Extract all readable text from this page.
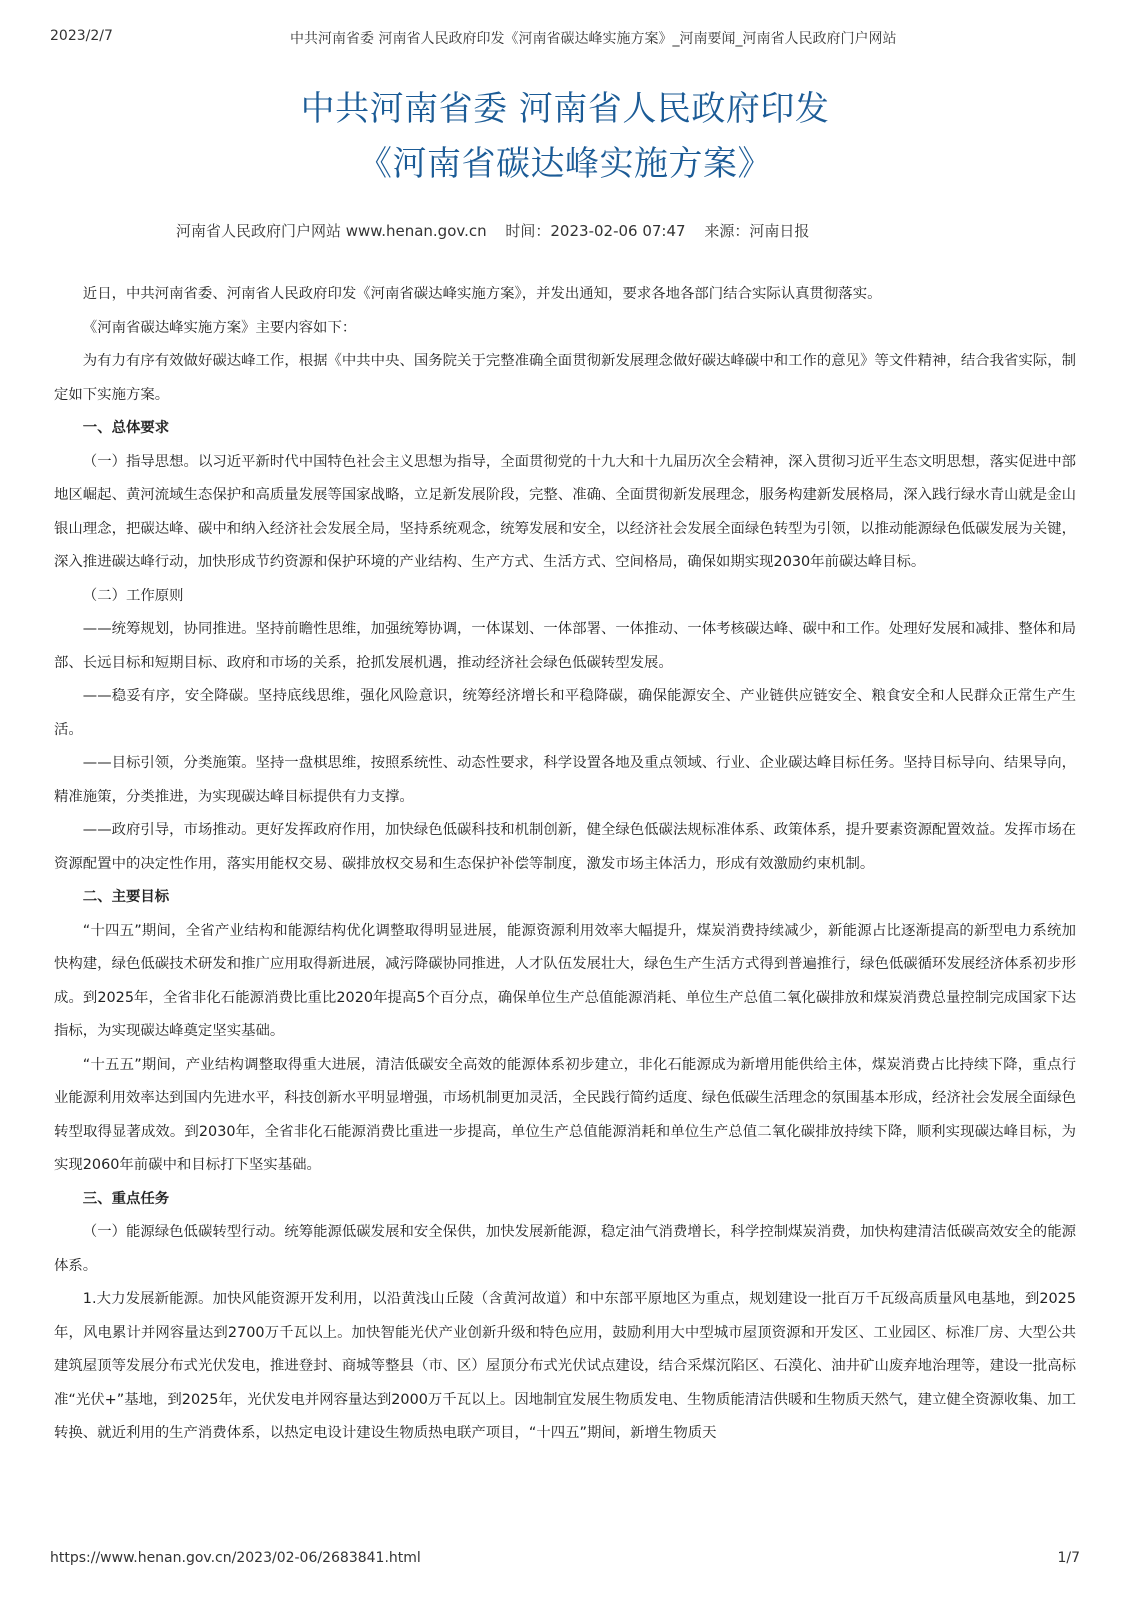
2023/2/7	中共河南省委 河南省人民政府印发《河南省碳达峰实施方案》_河南要闻_河南省人民政府门户网站
中共河南省委 河南省人民政府印发
《河南省碳达峰实施方案》
河南省人民政府门户网站 www.henan.gov.cn 时间：2023-02-06 07:47 来源：河南日报

近日，中共河南省委、河南省人民政府印发《河南省碳达峰实施方案》，并发出通知，要求各地各部门结合实际认真贯彻落实。

《河南省碳达峰实施方案》主要内容如下：

为有力有序有效做好碳达峰工作，根据《中共中央、国务院关于完整准确全面贯彻新发展理念做好碳达峰碳中和工作的意见》等文件精神，结合我省实际，制定如下实施方案。

一、总体要求

（一）指导思想。以习近平新时代中国特色社会主义思想为指导，全面贯彻党的十九大和十九届历次全会精神，深入贯彻习近平生态文明思想，落实促进中部地区崛起、黄河流域生态保护和高质量发展等国家战略，立足新发展阶段，完整、准确、全面贯彻新发展理念，服务构建新发展格局，深入践行绿水青山就是金山银山理念，把碳达峰、碳中和纳入经济社会发展全局，坚持系统观念，统筹发展和安全，以经济社会发展全面绿色转型为引领，以推动能源绿色低碳发展为关键，深入推进碳达峰行动，加快形成节约资源和保护环境的产业结构、生产方式、生活方式、空间格局，确保如期实现2030年前碳达峰目标。

（二）工作原则

——统筹规划，协同推进。坚持前瞻性思维，加强统筹协调，一体谋划、一体部署、一体推动、一体考核碳达峰、碳中和工作。处理好发展和减排、整体和局部、长远目标和短期目标、政府和市场的关系，抢抓发展机遇，推动经济社会绿色低碳转型发展。

——稳妥有序，安全降碳。坚持底线思维，强化风险意识，统筹经济增长和平稳降碳，确保能源安全、产业链供应链安全、粮食安全和人民群众正常生产生活。

——目标引领，分类施策。坚持一盘棋思维，按照系统性、动态性要求，科学设置各地及重点领域、行业、企业碳达峰目标任务。坚持目标导向、结果导向，精准施策，分类推进，为实现碳达峰目标提供有力支撑。

——政府引导，市场推动。更好发挥政府作用，加快绿色低碳科技和机制创新，健全绿色低碳法规标准体系、政策体系，提升要素资源配置效益。发挥市场在资源配置中的决定性作用，落实用能权交易、碳排放权交易和生态保护补偿等制度，激发市场主体活力，形成有效激励约束机制。

二、主要目标

“十四五”期间，全省产业结构和能源结构优化调整取得明显进展，能源资源利用效率大幅提升，煤炭消费持续减少，新能源占比逐渐提高的新型电力系统加快构建，绿色低碳技术研发和推广应用取得新进展，减污降碳协同推进，人才队伍发展壮大，绿色生产生活方式得到普遍推行，绿色低碳循环发展经济体系初步形成。到2025年，全省非化石能源消费比重比2020年提高5个百分点，确保单位生产总值能源消耗、单位生产总值二氧化碳排放和煤炭消费总量控制完成国家下达指标，为实现碳达峰奠定坚实基础。

“十五五”期间，产业结构调整取得重大进展，清洁低碳安全高效的能源体系初步建立，非化石能源成为新增用能供给主体，煤炭消费占比持续下降，重点行业能源利用效率达到国内先进水平，科技创新水平明显增强，市场机制更加灵活，全民践行简约适度、绿色低碳生活理念的氛围基本形成，经济社会发展全面绿色转型取得显著成效。到2030年，全省非化石能源消费比重进一步提高，单位生产总值能源消耗和单位生产总值二氧化碳排放持续下降，顺利实现碳达峰目标，为实现2060年前碳中和目标打下坚实基础。

三、重点任务

（一）能源绿色低碳转型行动。统筹能源低碳发展和安全保供，加快发展新能源，稳定油气消费增长，科学控制煤炭消费，加快构建清洁低碳高效安全的能源体系。

1.大力发展新能源。加快风能资源开发利用，以沿黄浅山丘陵（含黄河故道）和中东部平原地区为重点，规划建设一批百万千瓦级高质量风电基地，到2025年，风电累计并网容量达到2700万千瓦以上。加快智能光伏产业创新升级和特色应用，鼓励利用大中型城市屋顶资源和开发区、工业园区、标准厂房、大型公共建筑屋顶等发展分布式光伏发电，推进登封、商城等整县（市、区）屋顶分布式光伏试点建设，结合采煤沉陷区、石漠化、油井矿山废弃地治理等，建设一批高标准“光伏+”基地，到2025年，光伏发电并网容量达到2000万千瓦以上。因地制宜发展生物质发电、生物质能清洁供暖和生物质天然气，建立健全资源收集、加工转换、就近利用的生产消费体系，以热定电设计建设生物质热电联产项目，“十四五”期间，新增生物质天

https://www.henan.gov.cn/2023/02-06/2683841.html	1/7
